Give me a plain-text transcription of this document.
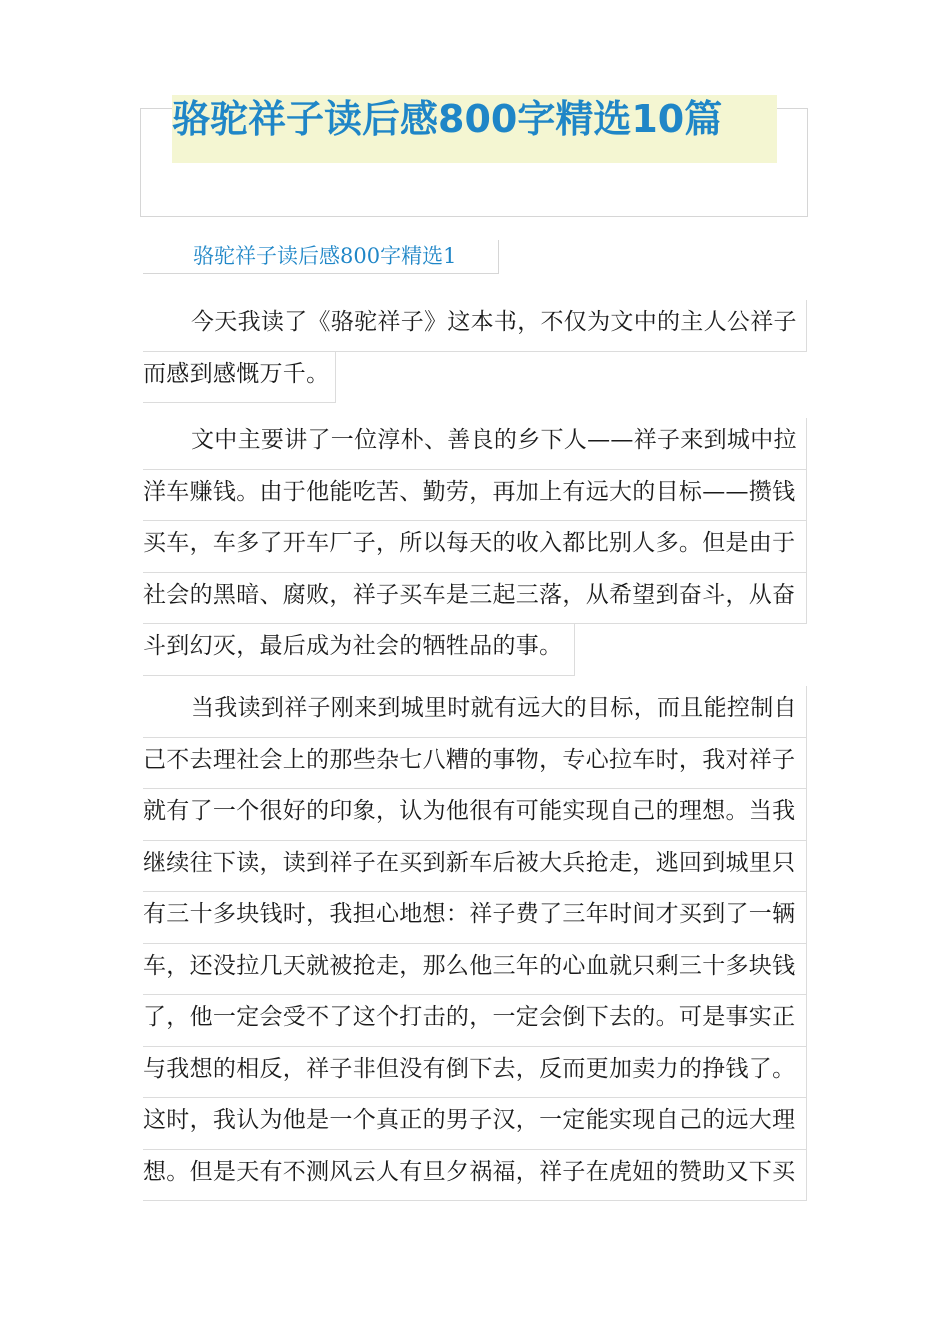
骆驼祥子读后感800字精选10篇
骆驼祥子读后感800字精选1
今天我读了《骆驼祥子》这本书，不仅为文中的主人公祥子
而感到感慨万千。
文中主要讲了一位淳朴、善良的乡下人——祥子来到城中拉
洋车赚钱。由于他能吃苦、勤劳，再加上有远大的目标——攒钱
买车，车多了开车厂子，所以每天的收入都比别人多。但是由于
社会的黑暗、腐败，祥子买车是三起三落，从希望到奋斗，从奋
斗到幻灭，最后成为社会的牺牲品的事。
当我读到祥子刚来到城里时就有远大的目标，而且能控制自
己不去理社会上的那些杂七八糟的事物，专心拉车时，我对祥子
就有了一个很好的印象，认为他很有可能实现自己的理想。当我
继续往下读，读到祥子在买到新车后被大兵抢走，逃回到城里只
有三十多块钱时，我担心地想：祥子费了三年时间才买到了一辆
车，还没拉几天就被抢走，那么他三年的心血就只剩三十多块钱
了，他一定会受不了这个打击的，一定会倒下去的。可是事实正
与我想的相反，祥子非但没有倒下去，反而更加卖力的挣钱了。
这时，我认为他是一个真正的男子汉，一定能实现自己的远大理
想。但是天有不测风云人有旦夕祸福，祥子在虎妞的赞助又下买
